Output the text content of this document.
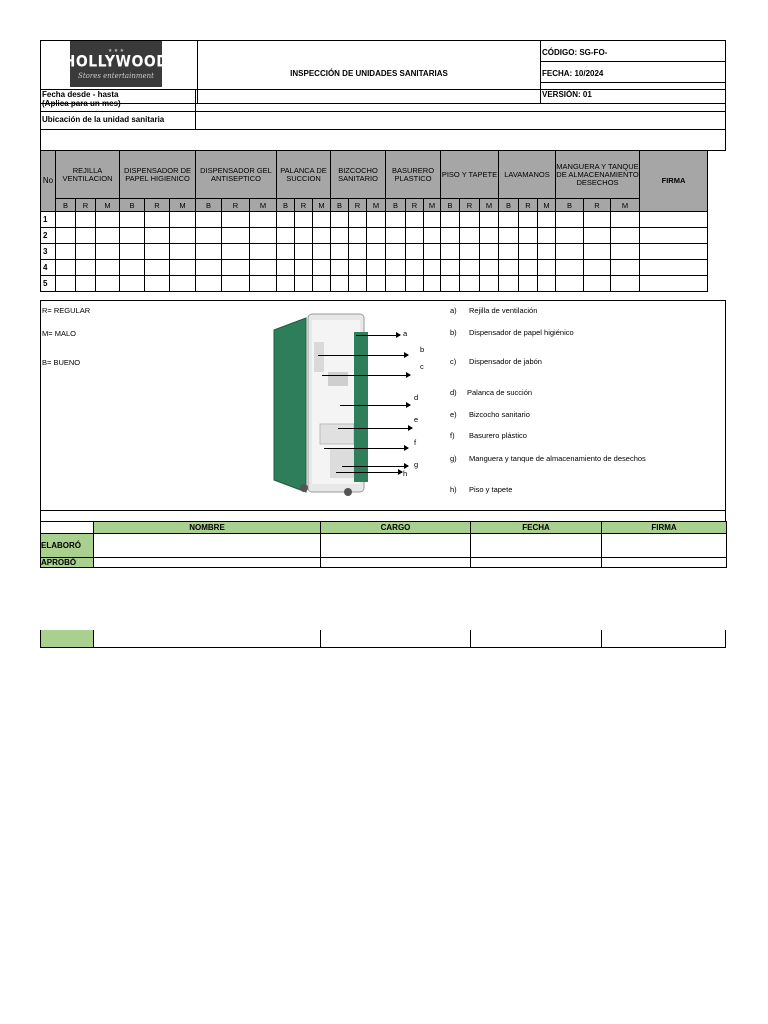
	INSPECCIÓN DE UNIDADES SANITARIAS	CÓDIGO: SG-FO-
FECHA: 10/2024
VERSIÓN: 01
★ ★ ★
HOLLYWOOD
Stores entertainment
Fecha desde - hasta
(Aplica para un mes)
Ubicación de la unidad sanitaria
No	REJILLA VENTILACION			DISPENSADOR DE PAPEL HIGIENICO			DISPENSADOR GEL ANTISEPTICO			PALANCA DE SUCCION			BIZCOCHO SANITARIO			BASURERO PLASTICO			PISO Y TAPETE			LAVAMANOS			MANGUERA Y TANQUE DE ALMACENAMIENTO DESECHOS			FIRMA
	B	R	M	B	R	M	B	R	M	B	R	M	B	R	M	B	R	M	B	R	M	B	R	M	B	R	M	
1																												
2																												
3																												
4																												
5																												
R= REGULAR
M= MALO
B= BUENO
a
b
c
d
e
f
g
h
a) Rejilla de ventilación
b) Dispensador de papel higiénico
c) Dispensador de jabón
d) Palanca de succión
e) Bizcocho sanitario
f) Basurero plástico
g) Manguera y tanque de almacenamiento de desechos
h) Piso y tapete
	NOMBRE	CARGO	FECHA	FIRMA
ELABORÓ				
APROBÓ				
